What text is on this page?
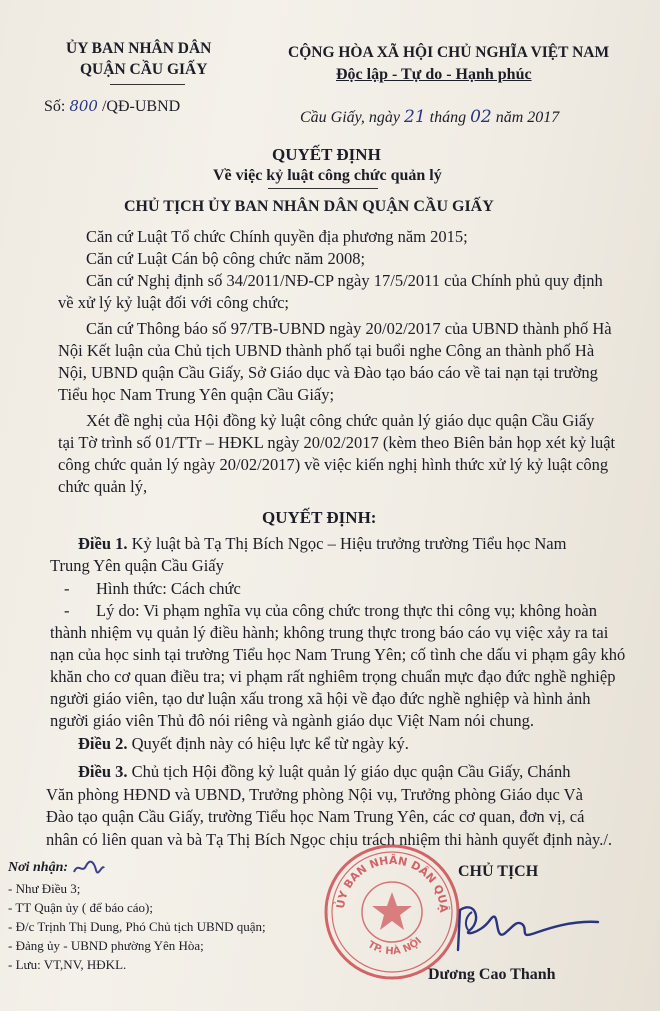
ỦY BAN NHÂN DÂN
QUẬN CẦU GIẤY
Số: 800 /QĐ-UBND
CỘNG HÒA XÃ HỘI CHỦ NGHĨA VIỆT NAM
Độc lập - Tự do - Hạnh phúc
Cầu Giấy, ngày 21 tháng 02 năm 2017
QUYẾT ĐỊNH
Về việc kỷ luật công chức quản lý
CHỦ TỊCH ỦY BAN NHÂN DÂN QUẬN CẦU GIẤY
Căn cứ Luật Tổ chức Chính quyền địa phương năm 2015;
Căn cứ Luật Cán bộ công chức năm 2008;
Căn cứ Nghị định số 34/2011/NĐ-CP ngày 17/5/2011 của Chính phủ quy định
về xử lý kỷ luật đối với công chức;
Căn cứ Thông báo số 97/TB-UBND ngày 20/02/2017 của UBND thành phố Hà
Nội Kết luận của Chủ tịch UBND thành phố tại buổi nghe Công an thành phố Hà
Nội, UBND quận Cầu Giấy, Sở Giáo dục và Đào tạo báo cáo về tai nạn tại trường
Tiểu học Nam Trung Yên quận Cầu Giấy;
Xét đề nghị của Hội đồng kỷ luật công chức quản lý giáo dục quận Cầu Giấy
tại Tờ trình số 01/TTr – HĐKL ngày 20/02/2017 (kèm theo Biên bản họp xét kỷ luật
công chức quản lý ngày 20/02/2017) về việc kiến nghị hình thức xử lý kỷ luật công
chức quản lý,
QUYẾT ĐỊNH:
Điều 1. Kỷ luật bà Tạ Thị Bích Ngọc – Hiệu trưởng trường Tiểu học Nam
Trung Yên quận Cầu Giấy
- Hình thức: Cách chức
- Lý do: Vi phạm nghĩa vụ của công chức trong thực thi công vụ; không hoàn
thành nhiệm vụ quản lý điều hành; không trung thực trong báo cáo vụ việc xảy ra tai
nạn của học sinh tại trường Tiểu học Nam Trung Yên; cố tình che dấu vi phạm gây khó
khăn cho cơ quan điều tra; vi phạm rất nghiêm trọng chuẩn mực đạo đức nghề nghiệp
người giáo viên, tạo dư luận xấu trong xã hội về đạo đức nghề nghiệp và hình ảnh
người giáo viên Thủ đô nói riêng và ngành giáo dục Việt Nam nói chung.
Điều 2. Quyết định này có hiệu lực kể từ ngày ký.
Điều 3. Chủ tịch Hội đồng kỷ luật quản lý giáo dục quận Cầu Giấy, Chánh
Văn phòng HĐND và UBND, Trưởng phòng Nội vụ, Trưởng phòng Giáo dục Và
Đào tạo quận Cầu Giấy, trường Tiểu học Nam Trung Yên, các cơ quan, đơn vị, cá
nhân có liên quan và bà Tạ Thị Bích Ngọc chịu trách nhiệm thi hành quyết định này./.
Nơi nhận:
- Như Điều 3;
- TT Quận ủy ( để báo cáo);
- Đ/c Trịnh Thị Dung, Phó Chủ tịch UBND quận;
- Đảng ủy - UBND phường Yên Hòa;
- Lưu: VT,NV, HĐKL.
CHỦ TỊCH
ỦY BAN NHÂN DÂN QUẬ
TP. HÀ NỘI
Dương Cao Thanh
